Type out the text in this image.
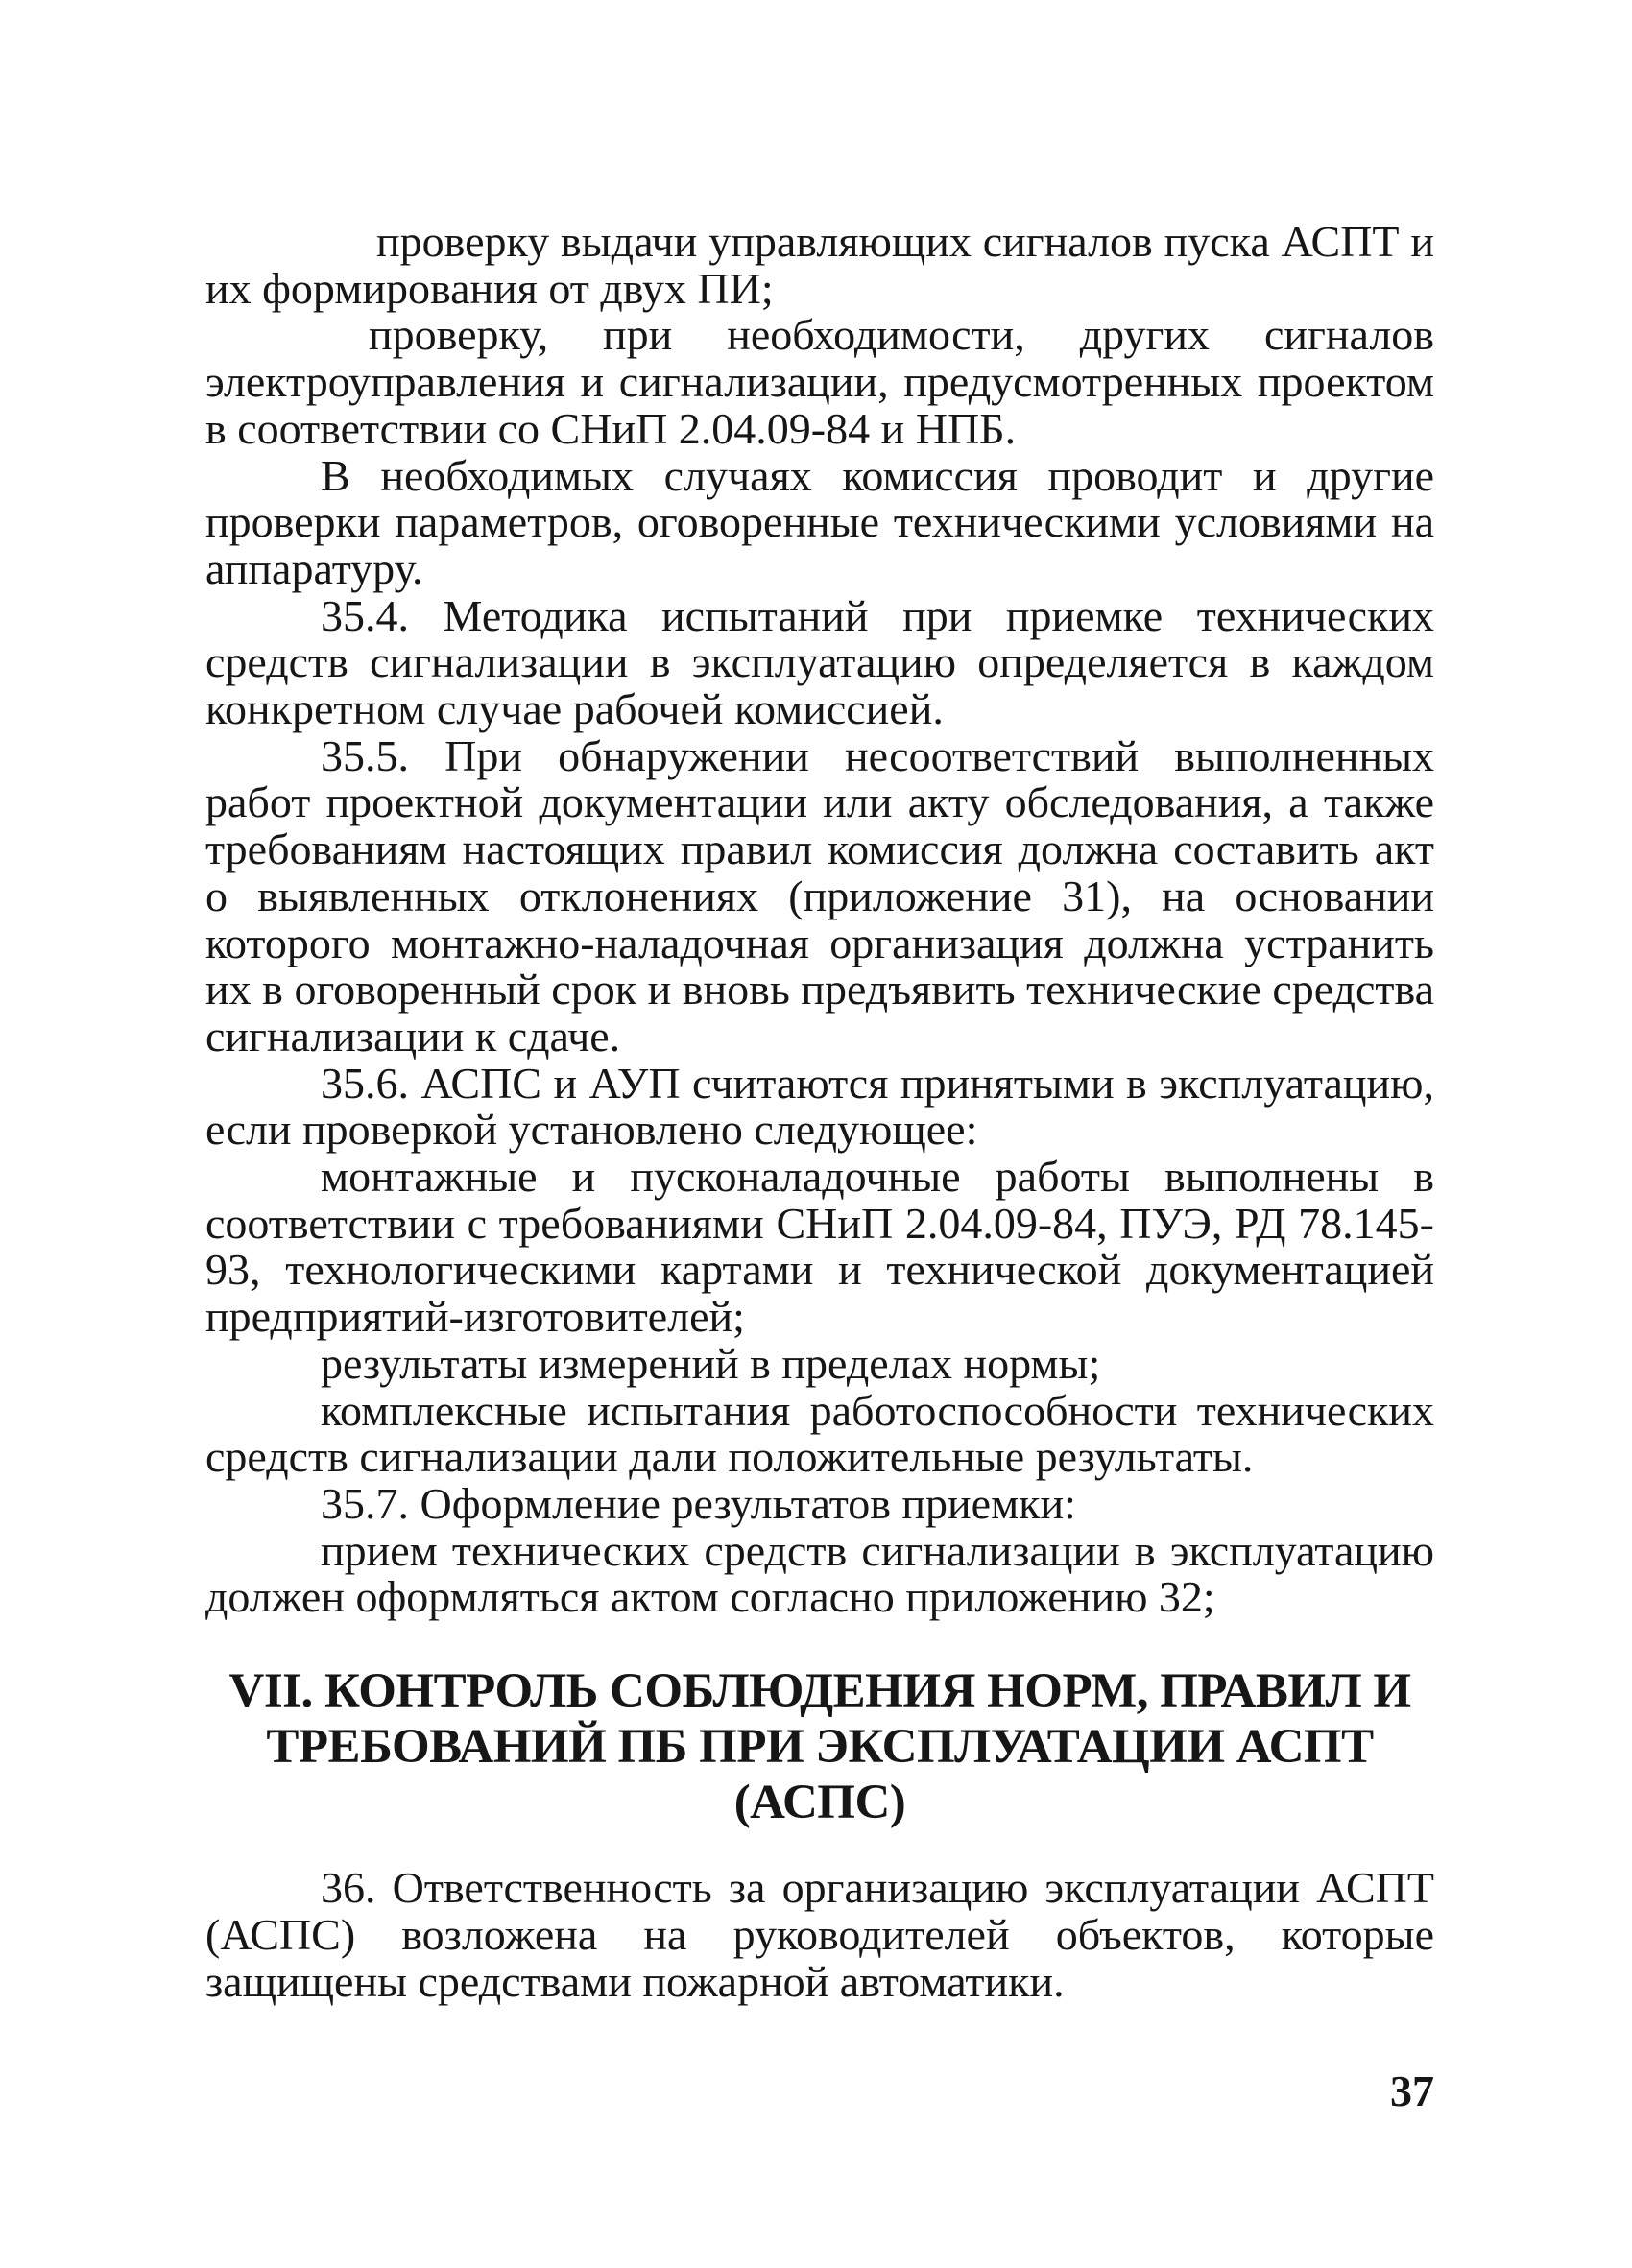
проверку выдачи управляющих сигналов пуска АСПТ и их формирования от двух ПИ;

проверку, при необходимости, других сигналов электроуправления и сигнализации, предусмотренных проектом в соответствии со СНиП 2.04.09-84 и НПБ.

В необходимых случаях комиссия проводит и другие проверки параметров, оговоренные техническими условиями на аппаратуру.

35.4. Методика испытаний при приемке технических средств сигнализации в эксплуатацию определяется в каждом конкретном случае рабочей комиссией.

35.5. При обнаружении несоответствий выполненных работ проектной документации или акту обследования, а также требованиям настоящих правил комиссия должна составить акт о выявленных отклонениях (приложение 31), на основании которого монтажно-наладочная организация должна устранить их в оговоренный срок и вновь предъявить технические средства сигнализации к сдаче.

35.6. АСПС и АУП считаются принятыми в эксплуатацию, если проверкой установлено следующее:

монтажные и пусконаладочные работы выполнены в соответствии с требованиями СНиП 2.04.09-84, ПУЭ, РД 78.145-93, технологическими картами и технической документацией предприятий-изготовителей;

результаты измерений в пределах нормы;

комплексные испытания работоспособности технических средств сигнализации дали положительные результаты.

35.7. Оформление результатов приемки:

прием технических средств сигнализации в эксплуатацию должен оформляться актом согласно приложению 32;

VII. КОНТРОЛЬ СОБЛЮДЕНИЯ НОРМ, ПРАВИЛ И
ТРЕБОВАНИЙ ПБ ПРИ ЭКСПЛУАТАЦИИ АСПТ (АСПС)

36. Ответственность за организацию эксплуатации АСПТ (АСПС) возложена на руководителей объектов, которые защищены средствами пожарной автоматики.

37
